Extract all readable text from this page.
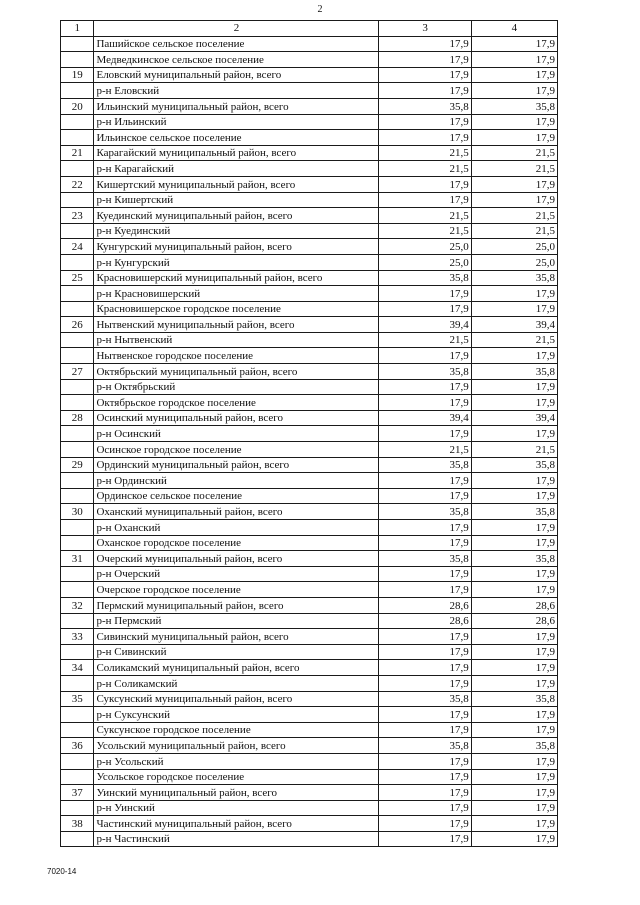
2
1	2	3	4
	Пашийское сельское поселение	17,9	17,9
	Медведкинское сельское поселение	17,9	17,9
19	Еловский муниципальный район, всего	17,9	17,9
	р-н Еловский	17,9	17,9
20	Ильинский муниципальный район, всего	35,8	35,8
	р-н Ильинский	17,9	17,9
	Ильинское сельское поселение	17,9	17,9
21	Карагайский муниципальный район, всего	21,5	21,5
	р-н Карагайский	21,5	21,5
22	Кишертский муниципальный район, всего	17,9	17,9
	р-н Кишертский	17,9	17,9
23	Куединский муниципальный район, всего	21,5	21,5
	р-н Куединский	21,5	21,5
24	Кунгурский муниципальный район, всего	25,0	25,0
	р-н Кунгурский	25,0	25,0
25	Красновишерский муниципальный район, всего	35,8	35,8
	р-н Красновишерский	17,9	17,9
	Красновишерское городское поселение	17,9	17,9
26	Нытвенский муниципальный район, всего	39,4	39,4
	р-н Нытвенский	21,5	21,5
	Нытвенское городское поселение	17,9	17,9
27	Октябрьский муниципальный район, всего	35,8	35,8
	р-н Октябрьский	17,9	17,9
	Октябрьское городское поселение	17,9	17,9
28	Осинский муниципальный район, всего	39,4	39,4
	р-н Осинский	17,9	17,9
	Осинское городское поселение	21,5	21,5
29	Ординский муниципальный район, всего	35,8	35,8
	р-н Ординский	17,9	17,9
	Ординское сельское поселение	17,9	17,9
30	Оханский муниципальный район, всего	35,8	35,8
	р-н Оханский	17,9	17,9
	Оханское городское поселение	17,9	17,9
31	Очерский муниципальный район, всего	35,8	35,8
	р-н Очерский	17,9	17,9
	Очерское городское поселение	17,9	17,9
32	Пермский муниципальный район, всего	28,6	28,6
	р-н Пермский	28,6	28,6
33	Сивинский муниципальный район, всего	17,9	17,9
	р-н Сивинский	17,9	17,9
34	Соликамский муниципальный район, всего	17,9	17,9
	р-н Соликамский	17,9	17,9
35	Суксунский муниципальный район, всего	35,8	35,8
	р-н Суксунский	17,9	17,9
	Суксунское городское поселение	17,9	17,9
36	Усольский муниципальный район, всего	35,8	35,8
	р-н Усольский	17,9	17,9
	Усольское городское поселение	17,9	17,9
37	Уинский муниципальный район, всего	17,9	17,9
	р-н Уинский	17,9	17,9
38	Частинский муниципальный район, всего	17,9	17,9
	р-н Частинский	17,9	17,9
7020-14
